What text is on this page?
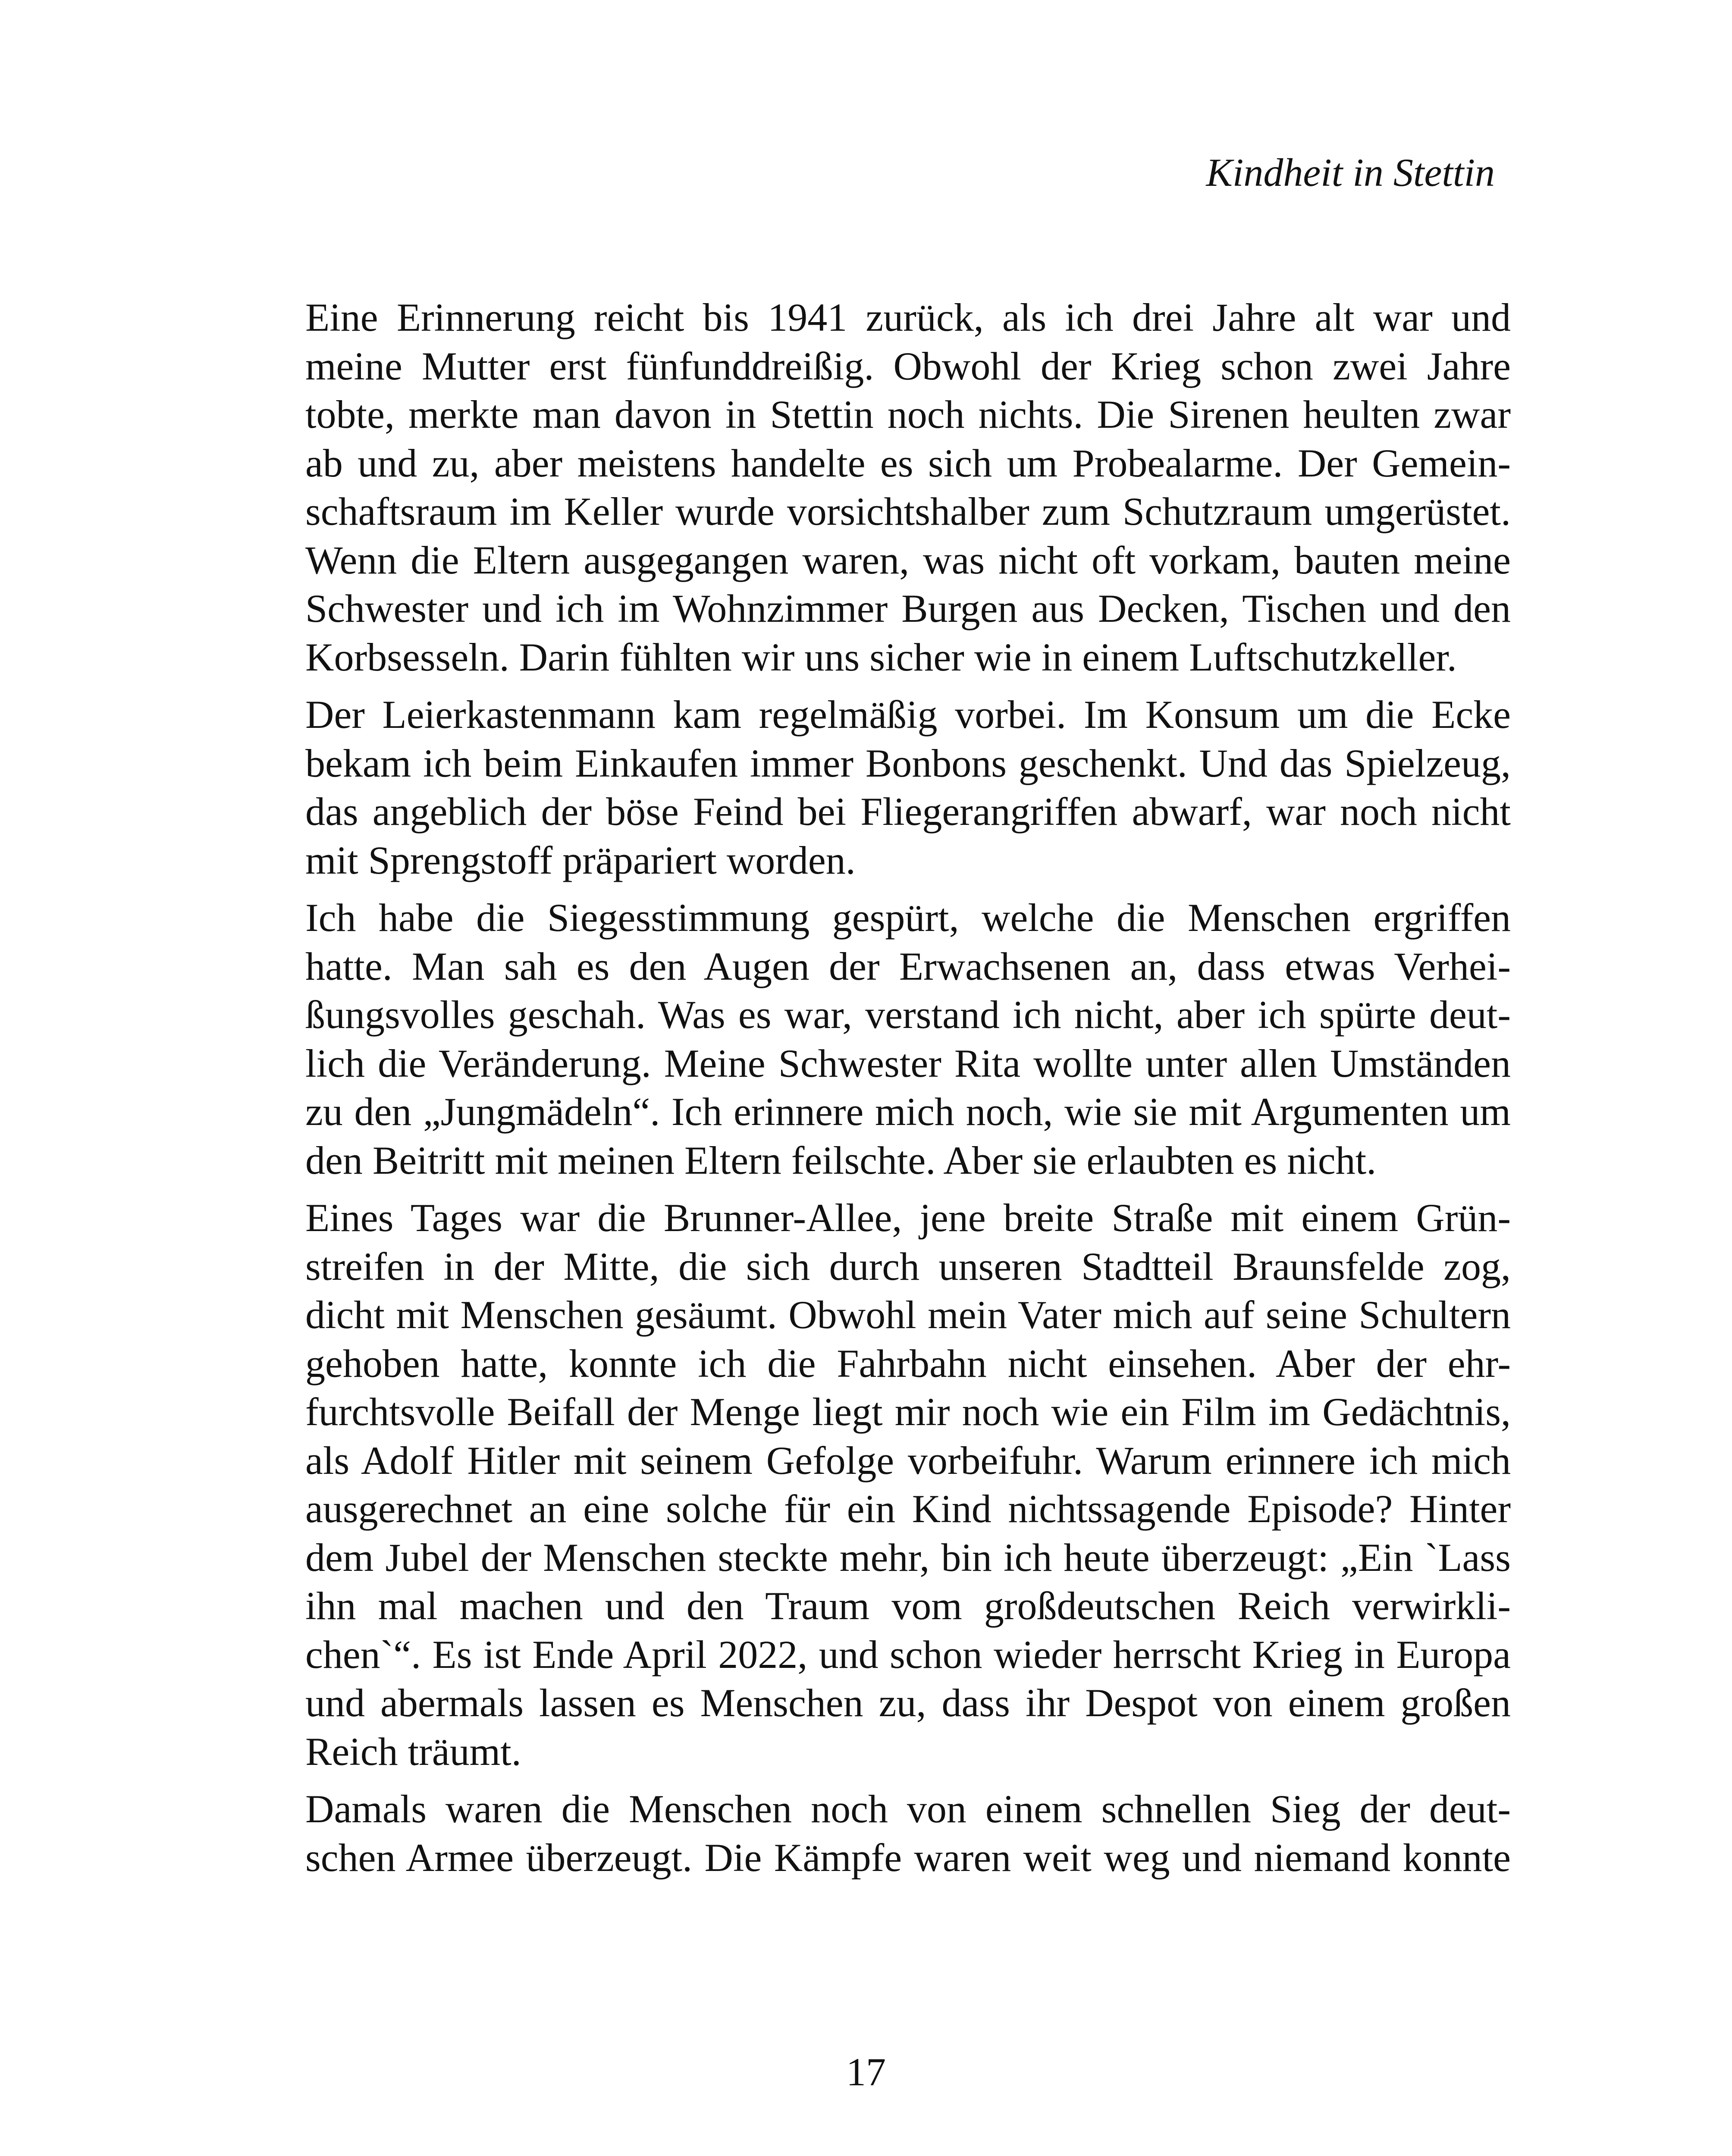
Kindheit in Stettin

Eine Erinnerung reicht bis 1941 zurück, als ich drei Jahre alt war und
meine Mutter erst fünfunddreißig. Obwohl der Krieg schon zwei Jahre
tobte, merkte man davon in Stettin noch nichts. Die Sirenen heulten zwar
ab und zu, aber meistens handelte es sich um Probealarme. Der Gemein-
schaftsraum im Keller wurde vorsichtshalber zum Schutzraum umgerüstet.
Wenn die Eltern ausgegangen waren, was nicht oft vorkam, bauten meine
Schwester und ich im Wohnzimmer Burgen aus Decken, Tischen und den
Korbsesseln. Darin fühlten wir uns sicher wie in einem Luftschutzkeller.

Der Leierkastenmann kam regelmäßig vorbei. Im Konsum um die Ecke
bekam ich beim Einkaufen immer Bonbons geschenkt. Und das Spielzeug,
das angeblich der böse Feind bei Fliegerangriffen abwarf, war noch nicht
mit Sprengstoff präpariert worden.

Ich habe die Siegesstimmung gespürt, welche die Menschen ergriffen
hatte. Man sah es den Augen der Erwachsenen an, dass etwas Verhei-
ßungsvolles geschah. Was es war, verstand ich nicht, aber ich spürte deut-
lich die Veränderung. Meine Schwester Rita wollte unter allen Umständen
zu den „Jungmädeln“. Ich erinnere mich noch, wie sie mit Argumenten um
den Beitritt mit meinen Eltern feilschte. Aber sie erlaubten es nicht.

Eines Tages war die Brunner-Allee, jene breite Straße mit einem Grün-
streifen in der Mitte, die sich durch unseren Stadtteil Braunsfelde zog,
dicht mit Menschen gesäumt. Obwohl mein Vater mich auf seine Schultern
gehoben hatte, konnte ich die Fahrbahn nicht einsehen. Aber der ehr-
furchtsvolle Beifall der Menge liegt mir noch wie ein Film im Gedächtnis,
als Adolf Hitler mit seinem Gefolge vorbeifuhr. Warum erinnere ich mich
ausgerechnet an eine solche für ein Kind nichtssagende Episode? Hinter
dem Jubel der Menschen steckte mehr, bin ich heute überzeugt: „Ein `Lass
ihn mal machen und den Traum vom großdeutschen Reich verwirkli-
chen`“. Es ist Ende April 2022, und schon wieder herrscht Krieg in Europa
und abermals lassen es Menschen zu, dass ihr Despot von einem großen
Reich träumt.

Damals waren die Menschen noch von einem schnellen Sieg der deut-
schen Armee überzeugt. Die Kämpfe waren weit weg und niemand konnte

17
